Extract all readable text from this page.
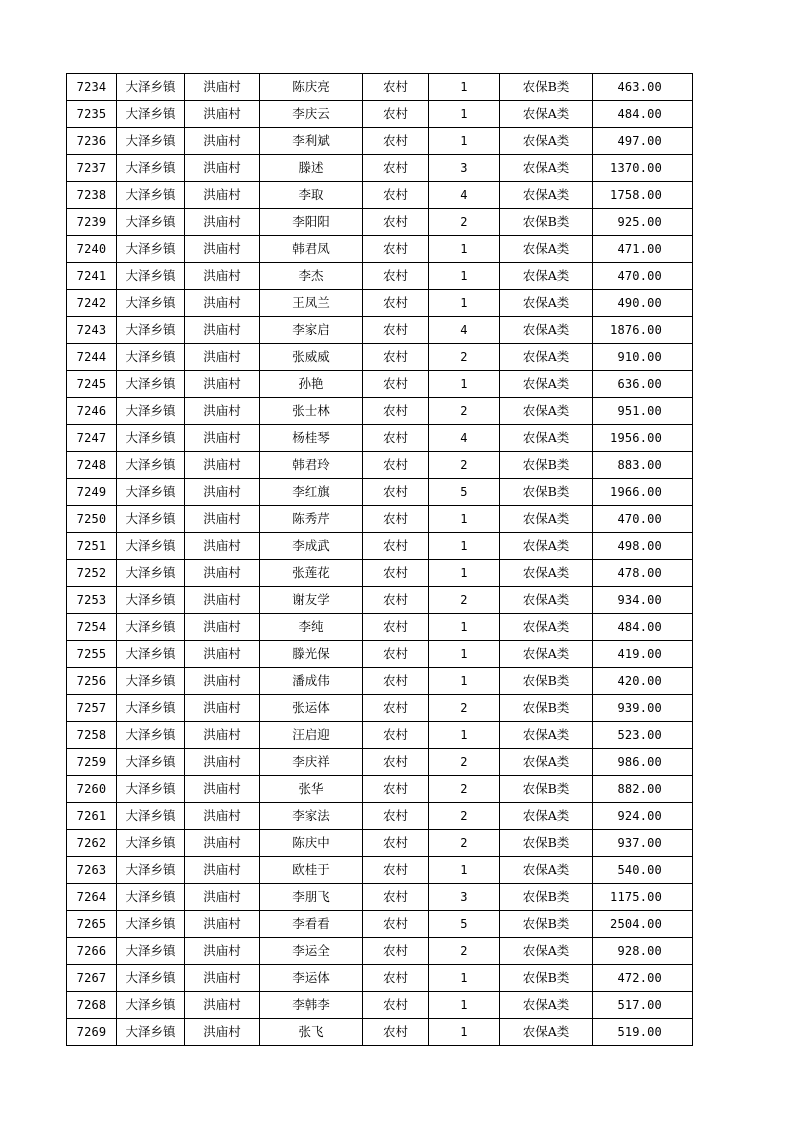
7234	大泽乡镇	洪庙村	陈庆亮	农村	1	农保B类	463.00
7235	大泽乡镇	洪庙村	李庆云	农村	1	农保A类	484.00
7236	大泽乡镇	洪庙村	李利斌	农村	1	农保A类	497.00
7237	大泽乡镇	洪庙村	滕述	农村	3	农保A类	1370.00
7238	大泽乡镇	洪庙村	李取	农村	4	农保A类	1758.00
7239	大泽乡镇	洪庙村	李阳阳	农村	2	农保B类	925.00
7240	大泽乡镇	洪庙村	韩君凤	农村	1	农保A类	471.00
7241	大泽乡镇	洪庙村	李杰	农村	1	农保A类	470.00
7242	大泽乡镇	洪庙村	王凤兰	农村	1	农保A类	490.00
7243	大泽乡镇	洪庙村	李家启	农村	4	农保A类	1876.00
7244	大泽乡镇	洪庙村	张威威	农村	2	农保A类	910.00
7245	大泽乡镇	洪庙村	孙艳	农村	1	农保A类	636.00
7246	大泽乡镇	洪庙村	张士林	农村	2	农保A类	951.00
7247	大泽乡镇	洪庙村	杨桂琴	农村	4	农保A类	1956.00
7248	大泽乡镇	洪庙村	韩君玲	农村	2	农保B类	883.00
7249	大泽乡镇	洪庙村	李红旗	农村	5	农保B类	1966.00
7250	大泽乡镇	洪庙村	陈秀芹	农村	1	农保A类	470.00
7251	大泽乡镇	洪庙村	李成武	农村	1	农保A类	498.00
7252	大泽乡镇	洪庙村	张莲花	农村	1	农保A类	478.00
7253	大泽乡镇	洪庙村	谢友学	农村	2	农保A类	934.00
7254	大泽乡镇	洪庙村	李纯	农村	1	农保A类	484.00
7255	大泽乡镇	洪庙村	滕光保	农村	1	农保A类	419.00
7256	大泽乡镇	洪庙村	潘成伟	农村	1	农保B类	420.00
7257	大泽乡镇	洪庙村	张运体	农村	2	农保B类	939.00
7258	大泽乡镇	洪庙村	汪启迎	农村	1	农保A类	523.00
7259	大泽乡镇	洪庙村	李庆祥	农村	2	农保A类	986.00
7260	大泽乡镇	洪庙村	张华	农村	2	农保B类	882.00
7261	大泽乡镇	洪庙村	李家法	农村	2	农保A类	924.00
7262	大泽乡镇	洪庙村	陈庆中	农村	2	农保B类	937.00
7263	大泽乡镇	洪庙村	欧桂于	农村	1	农保A类	540.00
7264	大泽乡镇	洪庙村	李朋飞	农村	3	农保B类	1175.00
7265	大泽乡镇	洪庙村	李看看	农村	5	农保B类	2504.00
7266	大泽乡镇	洪庙村	李运全	农村	2	农保A类	928.00
7267	大泽乡镇	洪庙村	李运体	农村	1	农保B类	472.00
7268	大泽乡镇	洪庙村	李韩李	农村	1	农保A类	517.00
7269	大泽乡镇	洪庙村	张飞	农村	1	农保A类	519.00
